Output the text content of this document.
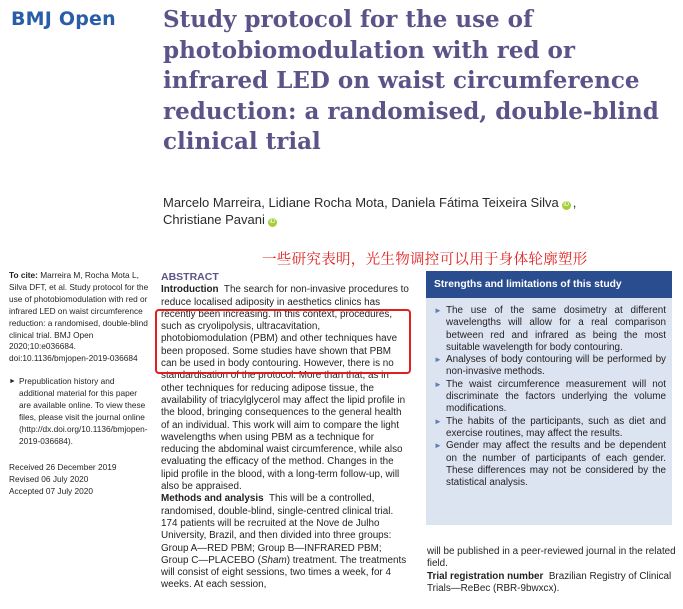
BMJ Open Study protocol for the use of photobiomodulation with red or infrared LED on waist circumference reduction: a randomised, double-blind clinical trial
Marcelo Marreira, Lidiane Rocha Mota, Daniela Fátima Teixeira Silva iD ,
Christiane Pavani iD
一些研究表明，光生物调控可以用于身体轮廓塑形

To cite: Marreira M, Rocha Mota L, Silva DFT, et al. Study protocol for the use of photobiomodulation with red or infrared LED on waist circumference reduction: a randomised, double-blind clinical trial. BMJ Open 2020;10:e036684. doi:10.1136/bmjopen-2019-036684

► Prepublication history and additional material for this paper are available online. To view these files, please visit the journal online (http://dx.doi.org/10.1136/bmjopen-2019-036684).

Received 26 December 2019
Revised 06 July 2020
Accepted 07 July 2020
ABSTRACT
Introduction The search for non-invasive procedures to reduce localised adiposity in aesthetics clinics has recently been increasing. In this context, procedures, such as cryolipolysis, ultracavitation, photobiomodulation (PBM) and other techniques have been proposed. Some studies have shown that PBM can be used in body contouring. However, there is no standardisation of the protocol. More than that, as in other techniques for reducing adipose tissue, the availability of triacylglycerol may affect the lipid profile in the blood, bringing consequences to the general health of an individual. This work will aim to compare the light wavelengths when using PBM as a technique for reducing the abdominal waist circumference, while also evaluating the efficacy of the method. Changes in the lipid profile in the blood, with a long-term follow-up, will also be appraised.
Methods and analysis This will be a controlled, randomised, double-blind, single-centred clinical trial. 174 patients will be recruited at the Nove de Julho University, Brazil, and then divided into three groups: Group A—RED PBM; Group B—INFRARED PBM; Group C—PLACEBO (Sham) treatment. The treatments will consist of eight sessions, two times a week, for 4 weeks. At each session,
Strengths and limitations of this study
► The use of the same dosimetry at different wavelengths will allow for a real comparison between red and infrared as being the most suitable wavelength for body contouring.
► Analyses of body contouring will be performed by non-invasive methods.
► The waist circumference measurement will not discriminate the factors underlying the volume modifications.
► The habits of the participants, such as diet and exercise routines, may affect the results.
► Gender may affect the results and be dependent on the number of participants of each gender. These differences may not be considered by the statistical analysis.
will be published in a peer-reviewed journal in the related field.
Trial registration number Brazilian Registry of Clinical Trials—ReBec (RBR-9bwxcx).
